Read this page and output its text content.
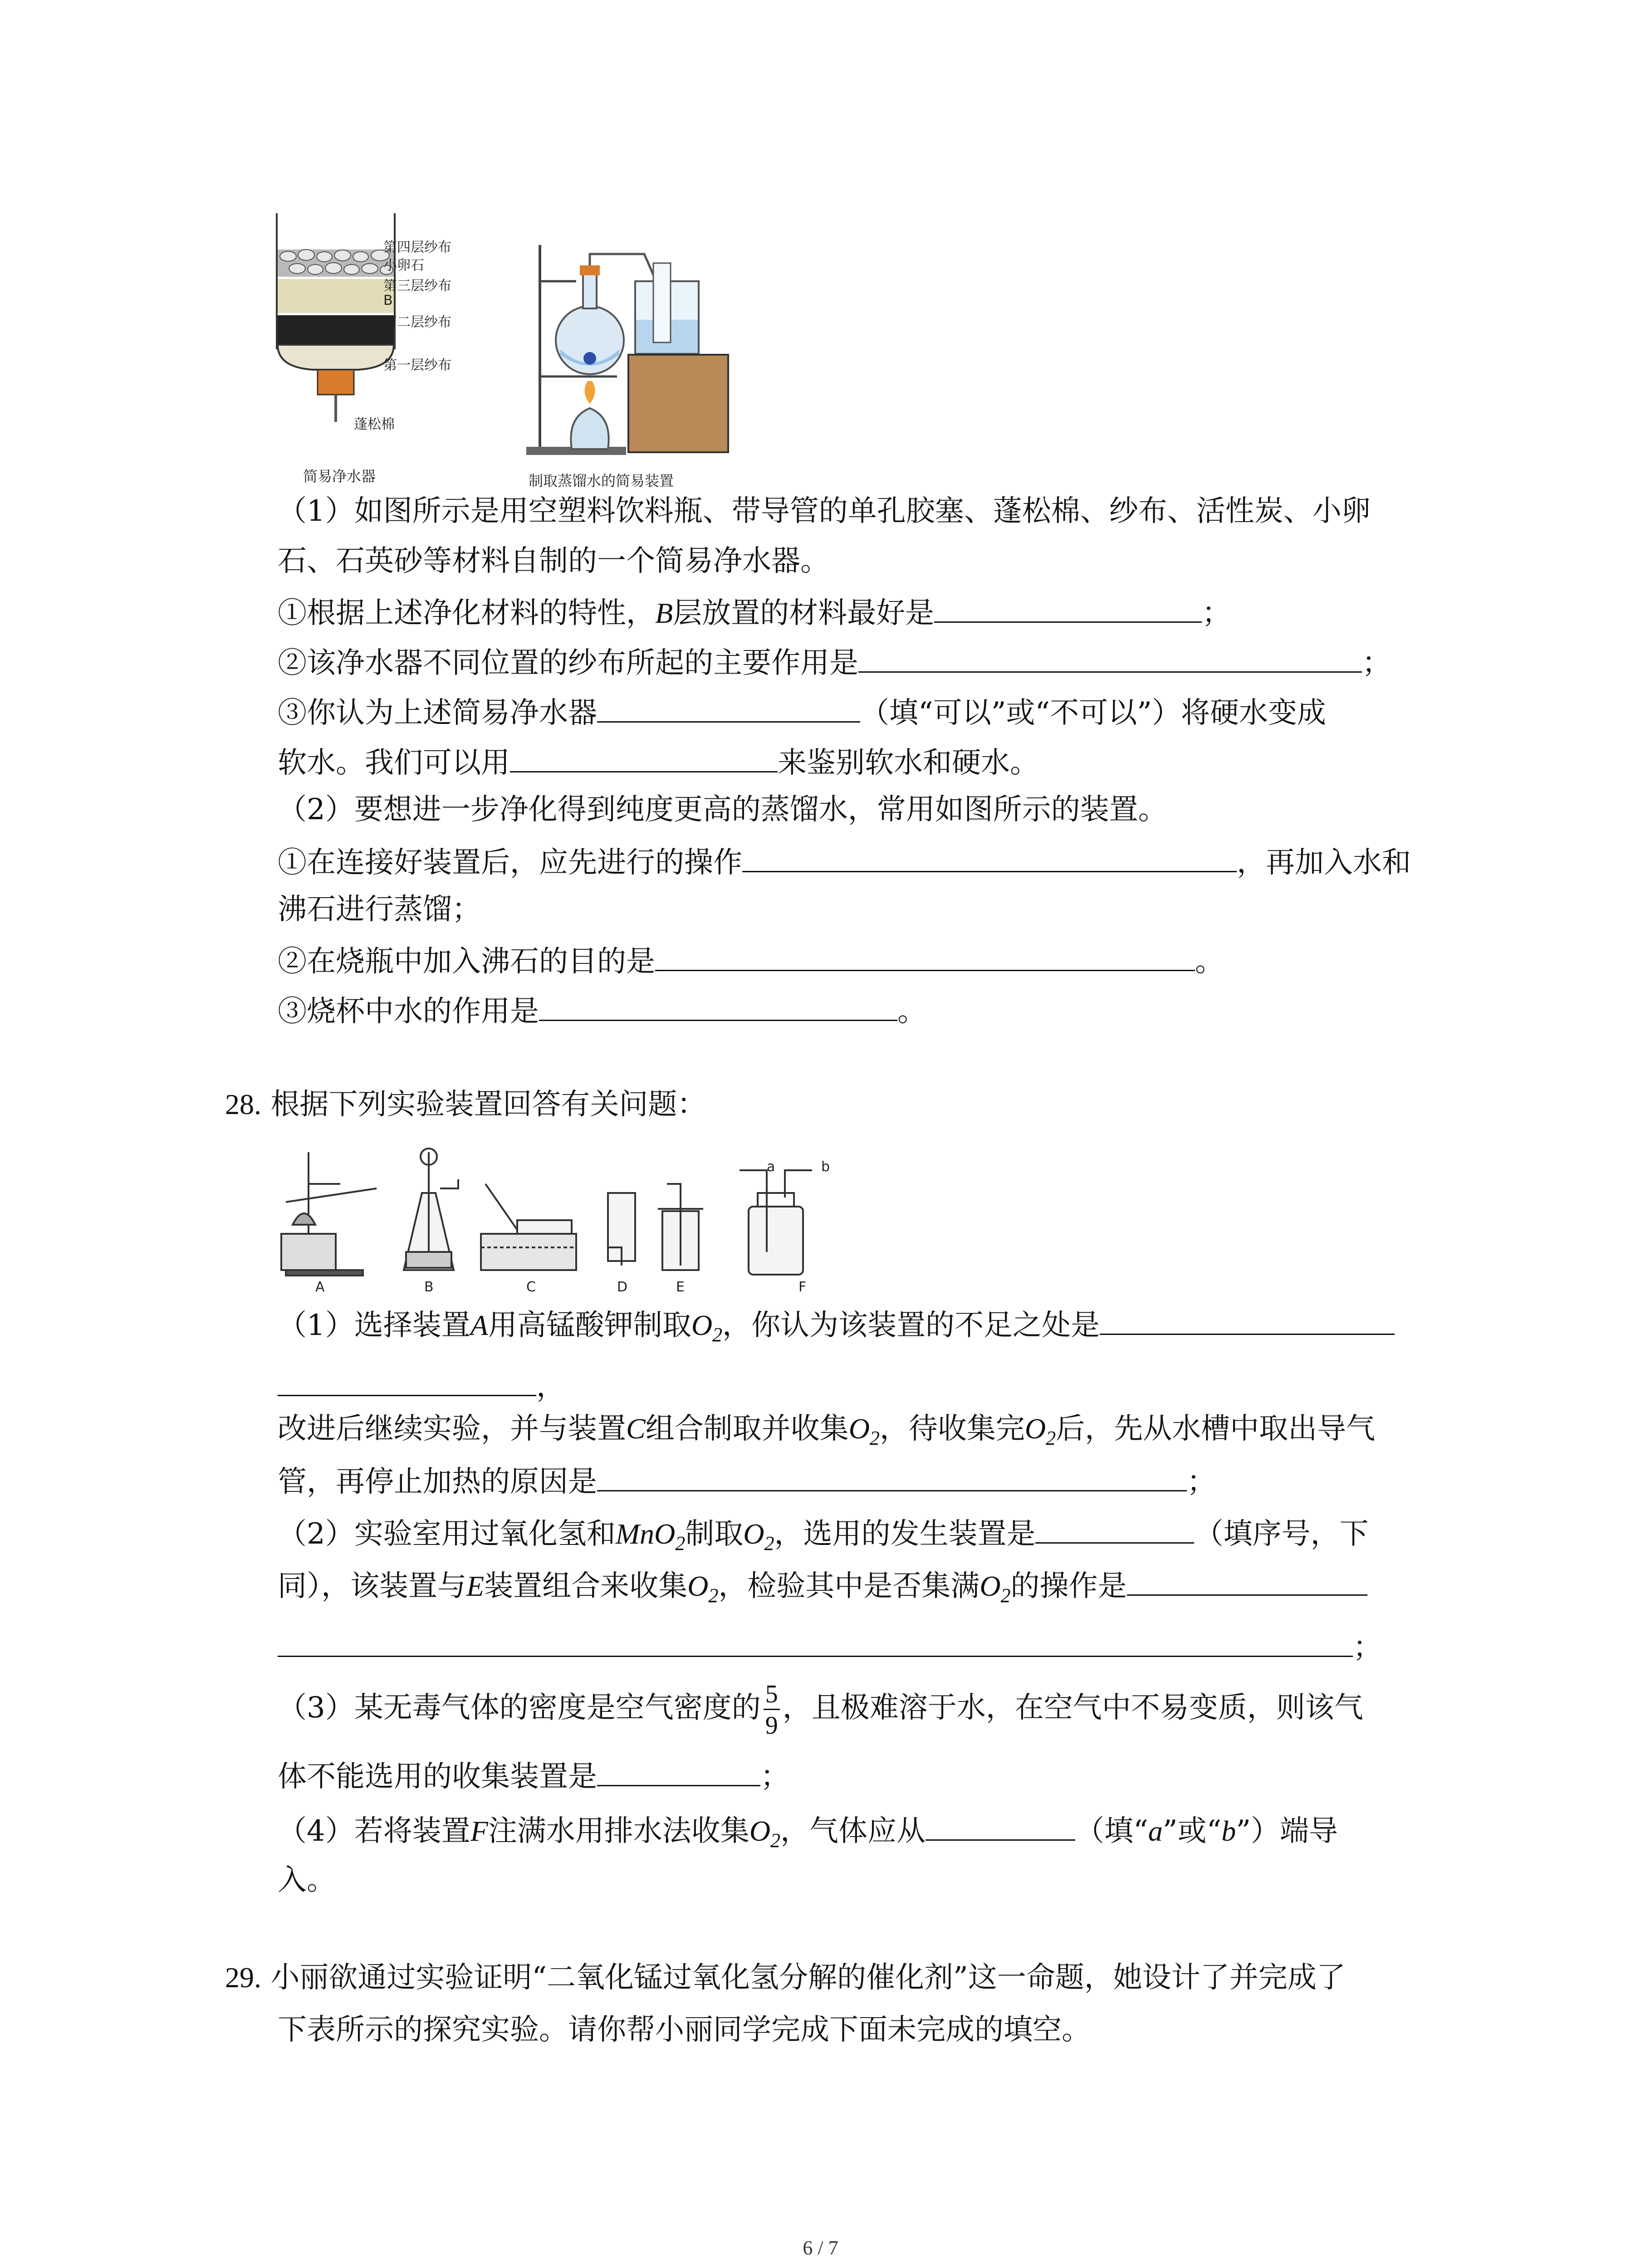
第四层纱布
小卵石
第三层纱布
B
第二层纱布
A
第一层纱布
蓬松棉
简易净水器	制取蒸馏水的简易装置
（1）如图所示是用空塑料饮料瓶、带导管的单孔胶塞、蓬松棉、纱布、活性炭、小卵
石、石英砂等材料自制的一个简易净水器。
①根据上述净化材料的特性，B层放置的材料最好是	；
②该净水器不同位置的纱布所起的主要作用是	；
③你认为上述简易净水器	（填“可以”或“不可以”）将硬水变成
软水。我们可以用	来鉴别软水和硬水。
（2）要想进一步净化得到纯度更高的蒸馏水，常用如图所示的装置。
①在连接好装置后，应先进行的操作	，再加入水和
沸石进行蒸馏；
②在烧瓶中加入沸石的目的是	。
③烧杯中水的作用是	。
28. 根据下列实验装置回答有关问题：
A	B	C	D	E	F
a	b
（1）选择装置A用高锰酸钾制取$O_2$，你认为该装置的不足之处是
，
改进后继续实验，并与装置C组合制取并收集$O_2$，待收集完$O_2$后，先从水槽中取出导气
管，再停止加热的原因是	；
（2）实验室用过氧化氢和MnO$_2$制取$O_2$，选用的发生装置是	（填序号，下
同），该装置与E装置组合来收集$O_2$，检验其中是否集满$O_2$的操作是
；
（3）某无毒气体的密度是空气密度的 $\frac{5}{9}$ ，且极难溶于水，在空气中不易变质，则该气
体不能选用的收集装置是	；
（4）若将装置F注满水用排水法收集$O_2$，气体应从	（填“a”或“b”）端导
入。
29. 小丽欲通过实验证明“二氧化锰过氧化氢分解的催化剂”这一命题，她设计了并完成了
下表所示的探究实验。请你帮小丽同学完成下面未完成的填空。
6 / 7
